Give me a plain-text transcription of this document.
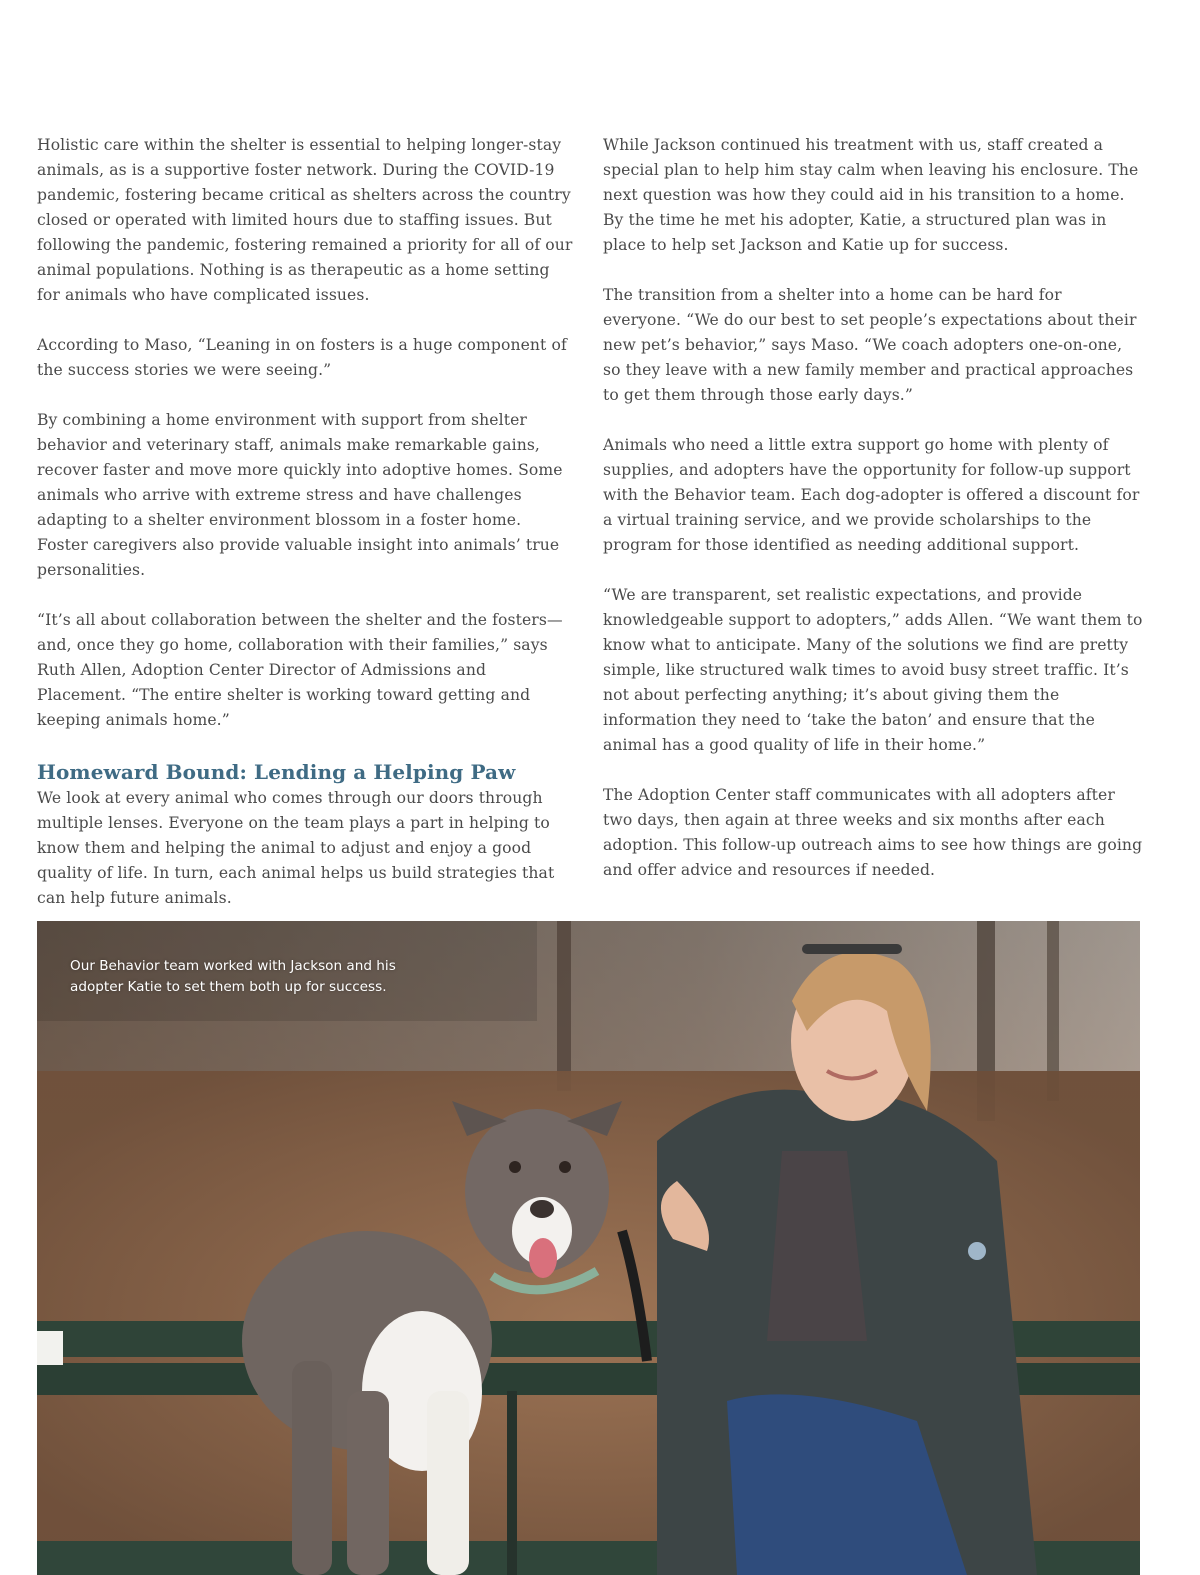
Holistic care within the shelter is essential to helping longer-stay animals, as is a supportive foster network. During the COVID-19 pandemic, fostering became critical as shelters across the country closed or operated with limited hours due to staffing issues. But following the pandemic, fostering remained a priority for all of our animal populations. Nothing is as therapeutic as a home setting for animals who have complicated issues.

According to Maso, “Leaning in on fosters is a huge component of the success stories we were seeing.”

By combining a home environment with support from shelter behavior and veterinary staff, animals make remarkable gains, recover faster and move more quickly into adoptive homes. Some animals who arrive with extreme stress and have challenges adapting to a shelter environment blossom in a foster home. Foster caregivers also provide valuable insight into animals’ true personalities.

“It’s all about collaboration between the shelter and the fosters—and, once they go home, collaboration with their families,” says Ruth Allen, Adoption Center Director of Admissions and Placement. “The entire shelter is working toward getting and keeping animals home.”

Homeward Bound: Lending a Helping Paw

We look at every animal who comes through our doors through multiple lenses. Everyone on the team plays a part in helping to know them and helping the animal to adjust and enjoy a good quality of life. In turn, each animal helps us build strategies that can help future animals.

While Jackson continued his treatment with us, staff created a special plan to help him stay calm when leaving his enclosure. The next question was how they could aid in his transition to a home. By the time he met his adopter, Katie, a structured plan was in place to help set Jackson and Katie up for success.

The transition from a shelter into a home can be hard for everyone. “We do our best to set people’s expectations about their new pet’s behavior,” says Maso. “We coach adopters one-on-one, so they leave with a new family member and practical approaches to get them through those early days.”

Animals who need a little extra support go home with plenty of supplies, and adopters have the opportunity for follow-up support with the Behavior team. Each dog-adopter is offered a discount for a virtual training service, and we provide scholarships to the program for those identified as needing additional support.

“We are transparent, set realistic expectations, and provide knowledgeable support to adopters,” adds Allen. “We want them to know what to anticipate. Many of the solutions we find are pretty simple, like structured walk times to avoid busy street traffic. It’s not about perfecting anything; it’s about giving them the information they need to ‘take the baton’ and ensure that the animal has a good quality of life in their home.”

The Adoption Center staff communicates with all adopters after two days, then again at three weeks and six months after each adoption. This follow-up outreach aims to see how things are going and offer advice and resources if needed.

Our Behavior team worked with Jackson and his adopter Katie to set them both up for success.
